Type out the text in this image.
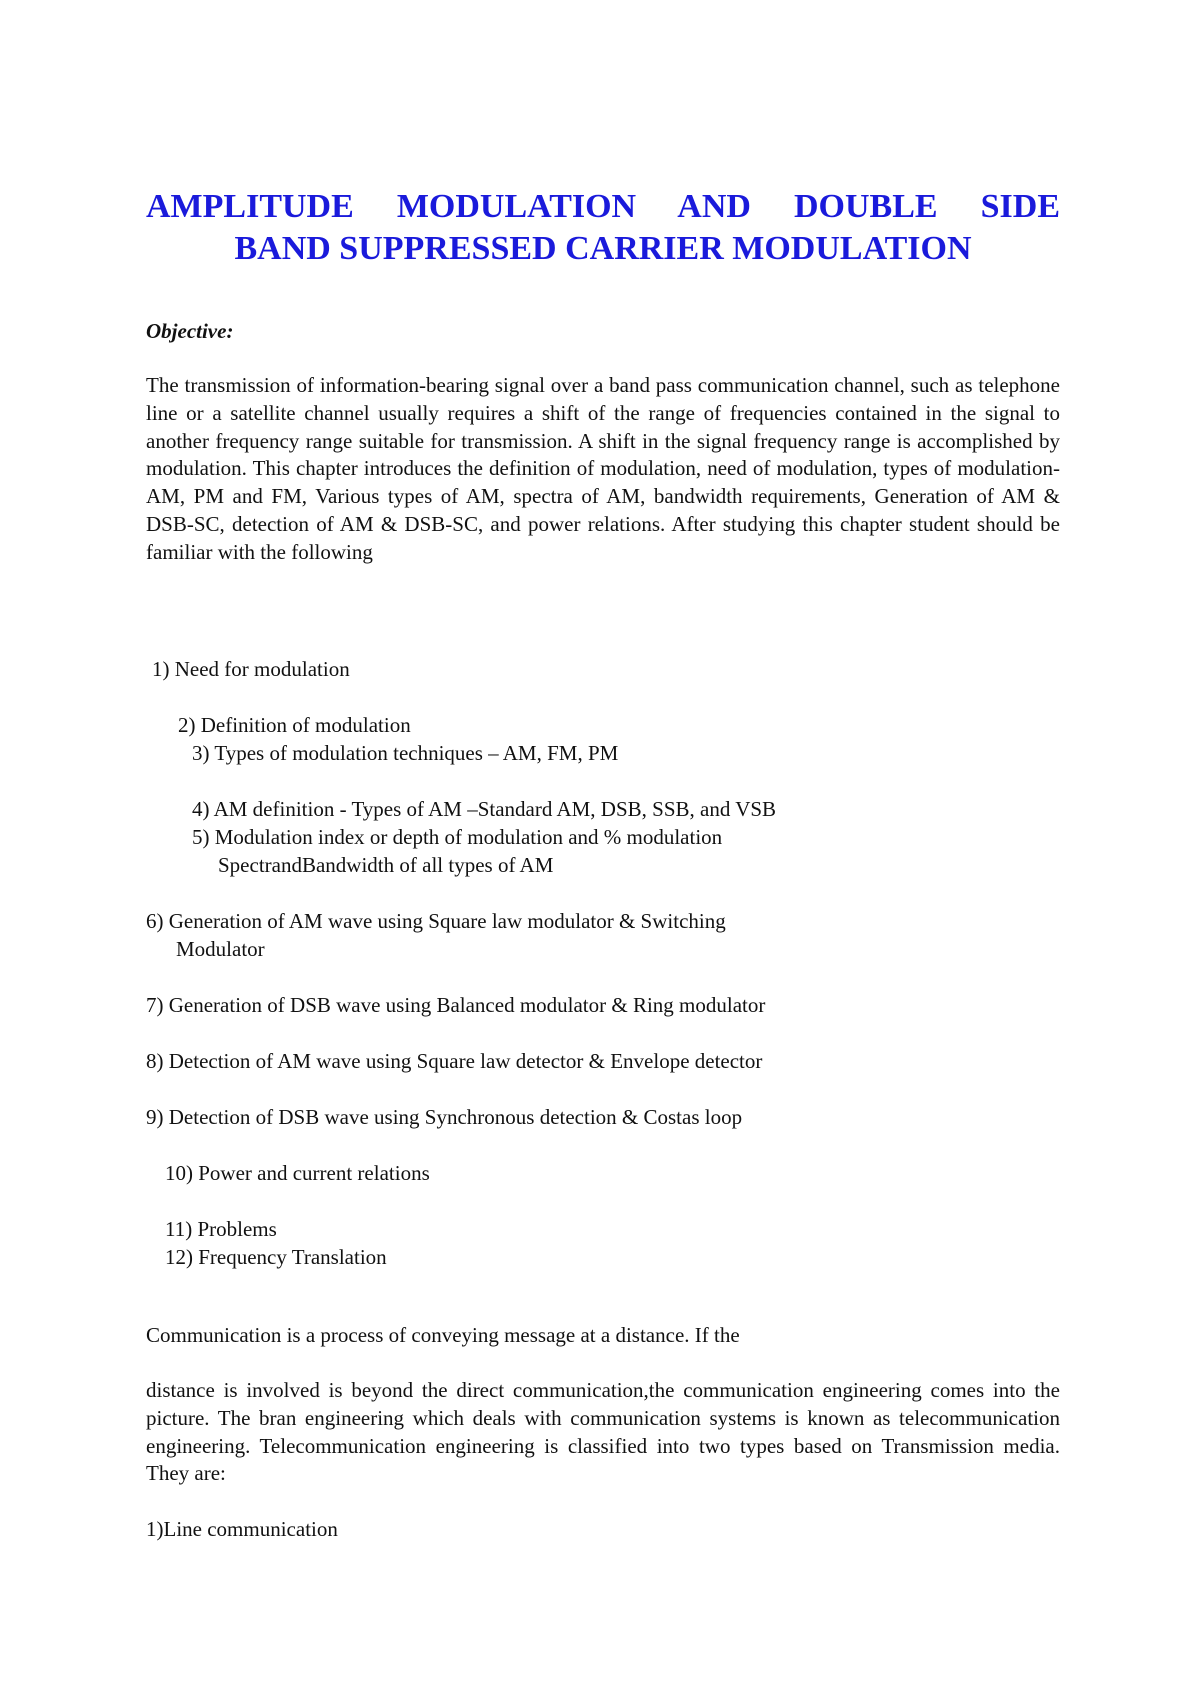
AMPLITUDE MODULATION AND DOUBLE SIDE
BAND SUPPRESSED CARRIER MODULATION

Objective:

The transmission of information-bearing signal over a band pass communication channel, such as telephone line or a satellite channel usually requires a shift of the range of frequencies contained in the signal to another frequency range suitable for transmission. A shift in the signal frequency range is accomplished by modulation. This chapter introduces the definition of modulation, need of modulation, types of modulation- AM, PM and FM, Various types of AM, spectra of AM, bandwidth requirements, Generation of AM & DSB-SC, detection of AM & DSB-SC, and power relations. After studying this chapter student should be familiar with the following

1) Need for modulation

2) Definition of modulation

3) Types of modulation techniques – AM, FM, PM

4) AM definition - Types of AM –Standard AM, DSB, SSB, and VSB

5) Modulation index or depth of modulation and % modulation

SpectrandBandwidth of all types of AM

6) Generation of AM wave using Square law modulator & Switching

Modulator

7) Generation of DSB wave using Balanced modulator & Ring modulator

8) Detection of AM wave using Square law detector & Envelope detector

9) Detection of DSB wave using Synchronous detection & Costas loop

10) Power and current relations

11) Problems

12) Frequency Translation

Communication is a process of conveying message at a distance. If the

distance is involved is beyond the direct communication,the communication engineering comes into the picture. The bran engineering which deals with communication systems is known as telecommunication engineering. Telecommunication engineering is classified into two types based on Transmission media. They are:

1)Line communication
